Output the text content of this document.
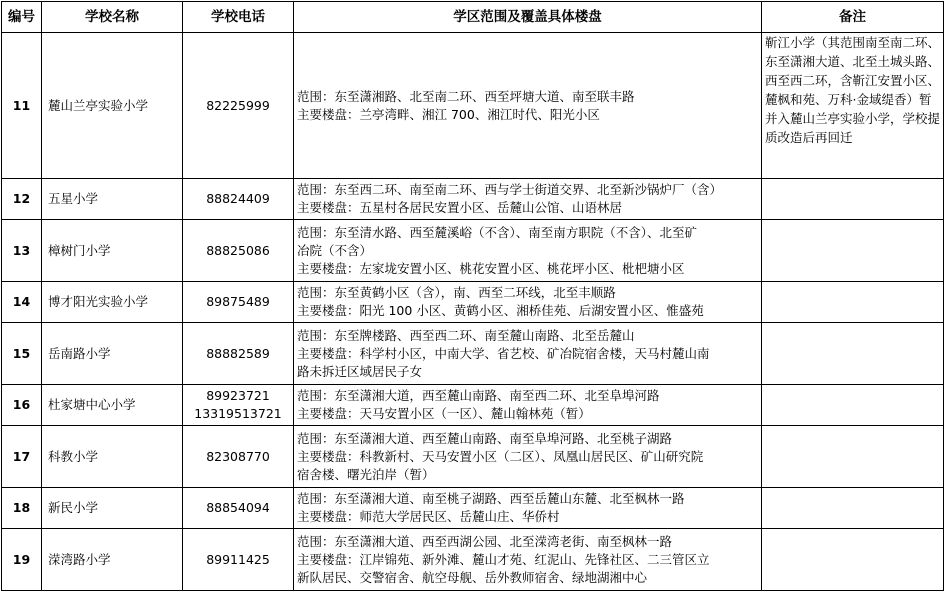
编号	学校名称	学校电话	学区范围及覆盖具体楼盘	备注
11	麓山兰亭实验小学	82225999	范围：东至潇湘路、北至南二环、西至坪塘大道、南至联丰路
主要楼盘：兰亭湾畔、湘江 700、湘江时代、阳光小区	靳江小学（其范围南至南二环、东至潇湘大道、北至土城头路、西至西二环，含靳江安置小区、麓枫和苑、万科·金域缇香）暂并入麓山兰亭实验小学，学校提质改造后再回迁
12	五星小学	88824409	范围：东至西二环、南至南二环、西与学士街道交界、北至新沙锅炉厂（含）
主要楼盘：五星村各居民安置小区、岳麓山公馆、山语林居	

13	樟树门小学	88825086	范围：东至清水路、西至麓溪峪（不含）、南至南方职院（不含）、北至矿
冶院（不含）
主要楼盘：左家垅安置小区、桃花安置小区、桃花坪小区、枇杷塘小区	

14	博才阳光实验小学	89875489	范围：东至黄鹤小区（含），南、西至二环线，北至丰顺路
主要楼盘：阳光 100 小区、黄鹤小区、湘桥佳苑、后湖安置小区、惟盛苑	

15	岳南路小学	88882589	范围：东至牌楼路、西至西二环、南至麓山南路、北至岳麓山
主要楼盘：科学村小区，中南大学、省艺校、矿冶院宿舍楼，天马村麓山南
路未拆迁区域居民子女	

16	杜家塘中心小学	89923721
13319513721	范围：东至潇湘大道，西至麓山南路、南至西二环、北至阜埠河路
主要楼盘：天马安置小区（一区）、麓山翰林苑（暂）	

17	科教小学	82308770	范围：东至潇湘大道、西至麓山南路、南至阜埠河路、北至桃子湖路
主要楼盘：科教新村、天马安置小区（二区）、凤凰山居民区、矿山研究院
宿舍楼、曙光泊岸（暂）	

18	新民小学	88854094	范围：东至潇湘大道、南至桃子湖路、西至岳麓山东麓、北至枫林一路
主要楼盘：师范大学居民区、岳麓山庄、华侨村	

19	溁湾路小学	89911425	范围：东至潇湘大道、西至西湖公园、北至溁湾老街、南至枫林一路
主要楼盘：江岸锦苑、新外滩、麓山才苑、红泥山、先锋社区、二三管区立
新队居民、交警宿舍、航空母舰、岳外教师宿舍、绿地湖湘中心	
